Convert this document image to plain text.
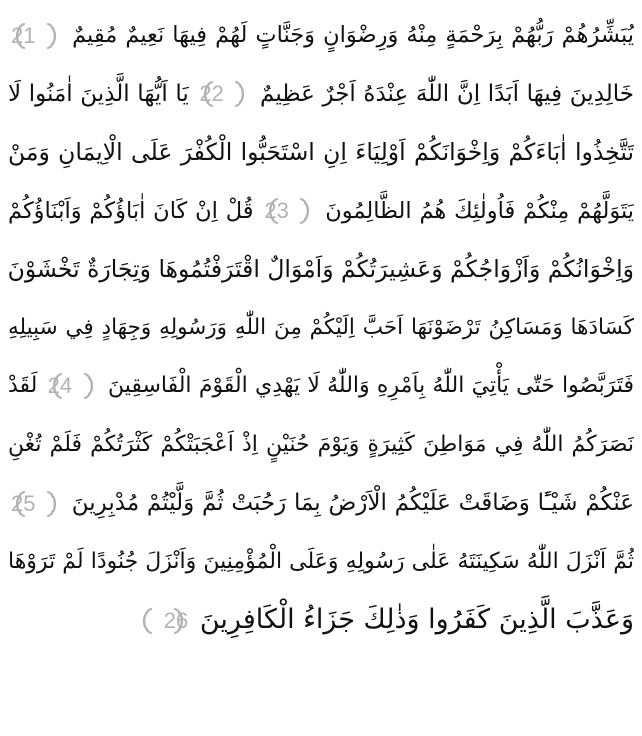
يُبَشِّرُهُمْ رَبُّهُمْ بِرَحْمَةٍ مِنْهُ وَرِضْوَانٍ وَجَنَّاتٍ لَهُمْ فِيهَا نَعِيمٌ مُقِيمٌ
21
خَالِدِينَ فِيهَا اَبَدًا اِنَّ اللّٰهَ عِنْدَهُ اَجْرٌ عَظِيمٌ
22
يَا اَيُّهَا الَّذِينَ اٰمَنُوا لَا
تَتَّخِذُوا اٰبَاءَكُمْ وَاِخْوَانَكُمْ اَوْلِيَاءَ اِنِ اسْتَحَبُّوا الْكُفْرَ عَلَى الْاِيمَانِ وَمَنْ
يَتَوَلَّهُمْ مِنْكُمْ فَاُولٰئِكَ هُمُ الظَّالِمُونَ
23
قُلْ اِنْ كَانَ اٰبَاؤُكُمْ وَاَبْنَاؤُكُمْ
وَاِخْوَانُكُمْ وَاَزْوَاجُكُمْ وَعَشِيرَتُكُمْ وَاَمْوَالٌ اقْتَرَفْتُمُوهَا وَتِجَارَةٌ تَخْشَوْنَ
كَسَادَهَا وَمَسَاكِنُ تَرْضَوْنَهَا اَحَبَّ اِلَيْكُمْ مِنَ اللّٰهِ وَرَسُولِهِ وَجِهَادٍ فِي سَبِيلِهِ
فَتَرَبَّصُوا حَتّٰى يَأْتِيَ اللّٰهُ بِاَمْرِهِ وَاللّٰهُ لَا يَهْدِي الْقَوْمَ الْفَاسِقِينَ
24
لَقَدْ
نَصَرَكُمُ اللّٰهُ فِي مَوَاطِنَ كَثِيرَةٍ وَيَوْمَ حُنَيْنٍ اِذْ اَعْجَبَتْكُمْ كَثْرَتُكُمْ فَلَمْ تُغْنِ
عَنْكُمْ شَيْـًٔا وَضَاقَتْ عَلَيْكُمُ الْاَرْضُ بِمَا رَحُبَتْ ثُمَّ وَلَّيْتُمْ مُدْبِرِينَ
25
ثُمَّ اَنْزَلَ اللّٰهُ سَكِينَتَهُ عَلٰى رَسُولِهِ وَعَلَى الْمُؤْمِنِينَ وَاَنْزَلَ جُنُودًا لَمْ تَرَوْهَا
وَعَذَّبَ الَّذِينَ كَفَرُوا وَذٰلِكَ جَزَاءُ الْكَافِرِينَ
26
